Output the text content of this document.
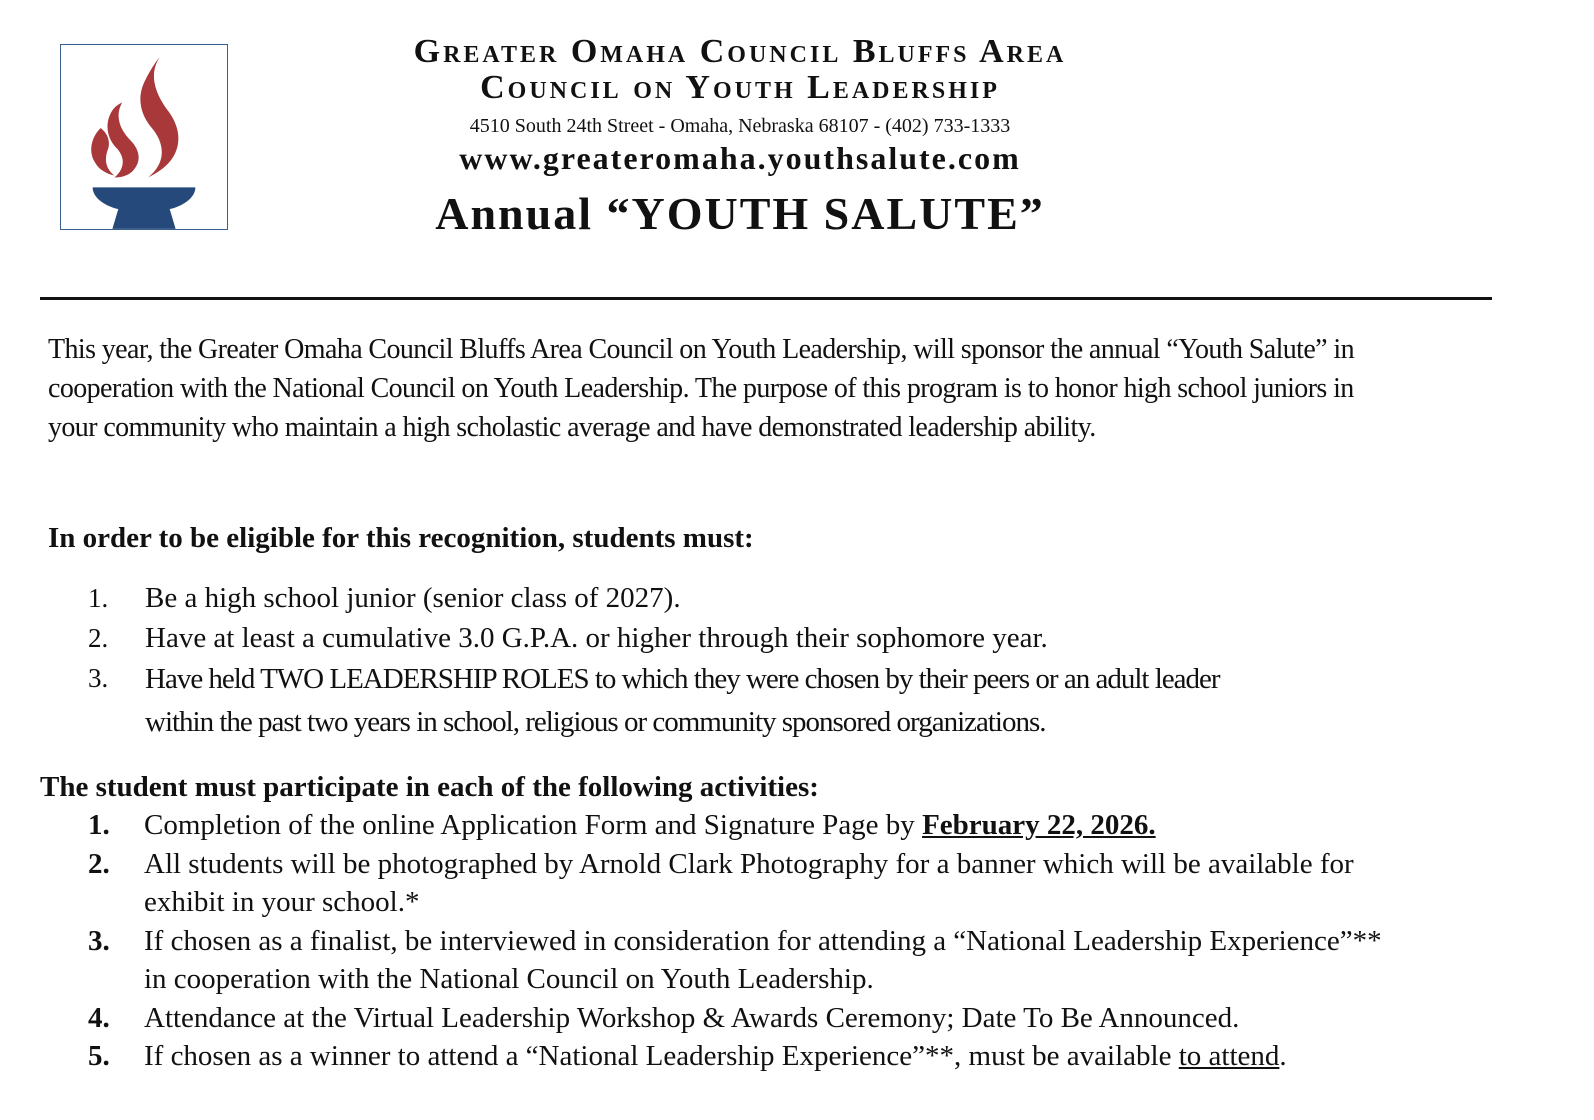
Greater Omaha Council Bluffs Area
Council on Youth Leadership
4510 South 24th Street - Omaha, Nebraska 68107 - (402) 733-1333
www.greateromaha.youthsalute.com
Annual “YOUTH SALUTE”

This year, the Greater Omaha Council Bluffs Area Council on Youth Leadership, will sponsor the annual “Youth Salute” in cooperation with the National Council on Youth Leadership. The purpose of this program is to honor high school juniors in your community who maintain a high scholastic average and have demonstrated leadership ability.

In order to be eligible for this recognition, students must:

1.	Be a high school junior (senior class of 2027).
2.	Have at least a cumulative 3.0 G.P.A. or higher through their sophomore year.
3.	Have held TWO LEADERSHIP ROLES to which they were chosen by their peers or an adult leader within the past two years in school, religious or community sponsored organizations.

The student must participate in each of the following activities:

1.	Completion of the online Application Form and Signature Page by February 22, 2026.
2.	All students will be photographed by Arnold Clark Photography for a banner which will be available for exhibit in your school.*
3.	If chosen as a finalist, be interviewed in consideration for attending a “National Leadership Experience”** in cooperation with the National Council on Youth Leadership.
4.	Attendance at the Virtual Leadership Workshop & Awards Ceremony; Date To Be Announced.
5.	If chosen as a winner to attend a “National Leadership Experience”**, must be available to attend.
